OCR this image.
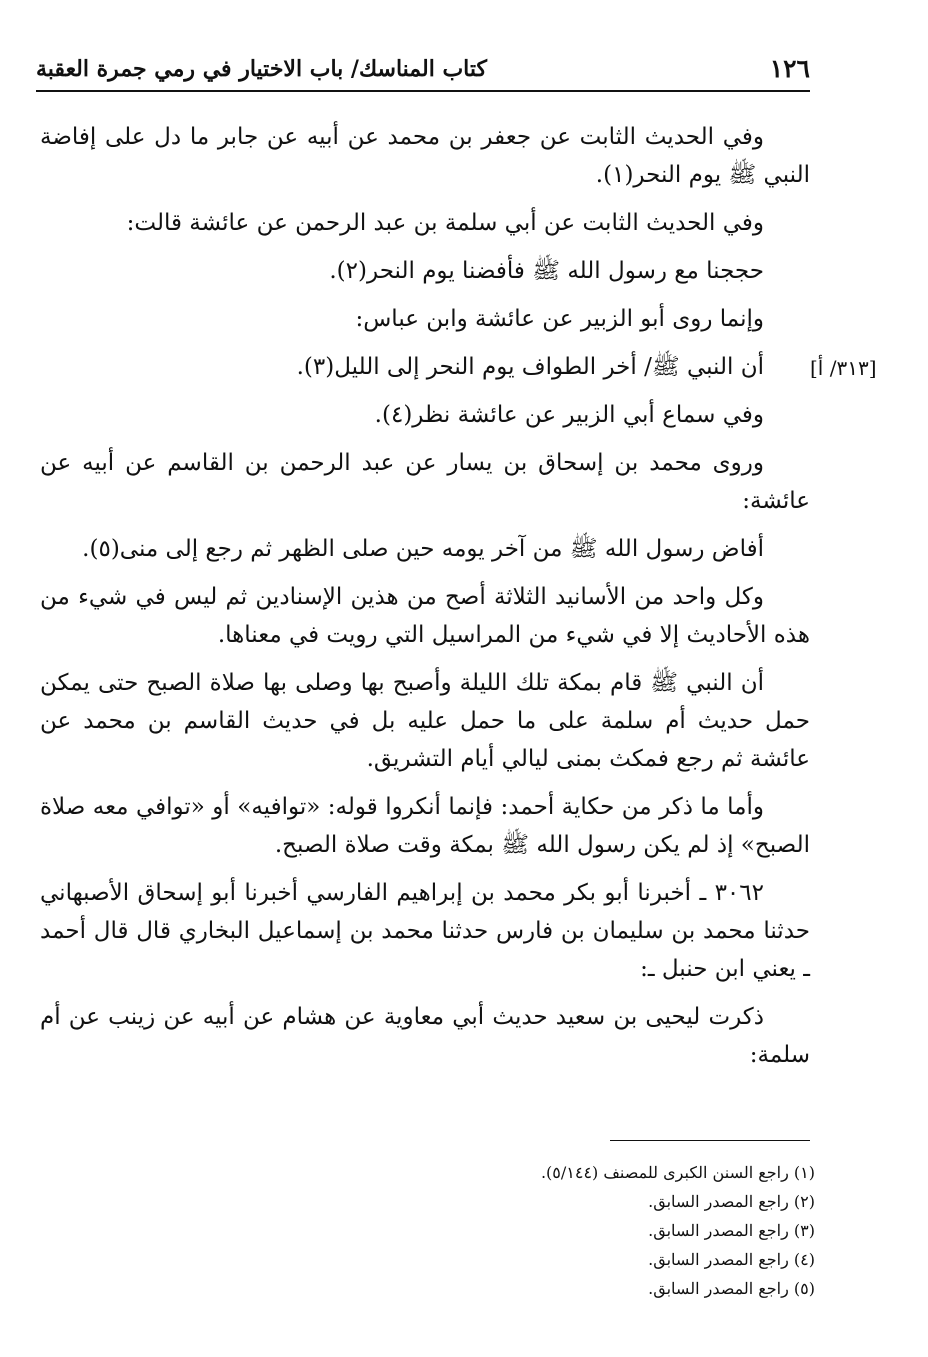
١٢٦
كتاب المناسك/ باب الاختيار في رمي جمرة العقبة
[٣١٣/ أ]

وفي الحديث الثابت عن جعفر بن محمد عن أبيه عن جابر ما دل على إفاضة النبي ﷺ يوم النحر(١).

وفي الحديث الثابت عن أبي سلمة بن عبد الرحمن عن عائشة قالت:

حججنا مع رسول الله ﷺ فأفضنا يوم النحر(٢).

وإنما روى أبو الزبير عن عائشة وابن عباس:

أن النبي ﷺ/ أخر الطواف يوم النحر إلى الليل(٣).

وفي سماع أبي الزبير عن عائشة نظر(٤).

وروى محمد بن إسحاق بن يسار عن عبد الرحمن بن القاسم عن أبيه عن عائشة:

أفاض رسول الله ﷺ من آخر يومه حين صلى الظهر ثم رجع إلى منى(٥).

وكل واحد من الأسانيد الثلاثة أصح من هذين الإسنادين ثم ليس في شيء من هذه الأحاديث إلا في شيء من المراسيل التي رويت في معناها.

أن النبي ﷺ قام بمكة تلك الليلة وأصبح بها وصلى بها صلاة الصبح حتى يمكن حمل حديث أم سلمة على ما حمل عليه بل في حديث القاسم بن محمد عن عائشة ثم رجع فمكث بمنى ليالي أيام التشريق.

وأما ما ذكر من حكاية أحمد: فإنما أنكروا قوله: «توافيه» أو «توافي معه صلاة الصبح» إذ لم يكن رسول الله ﷺ بمكة وقت صلاة الصبح.

٣٠٦٢ ـ أخبرنا أبو بكر محمد بن إبراهيم الفارسي أخبرنا أبو إسحاق الأصبهاني حدثنا محمد بن سليمان بن فارس حدثنا محمد بن إسماعيل البخاري قال قال أحمد ـ يعني ابن حنبل ـ:

ذكرت ليحيى بن سعيد حديث أبي معاوية عن هشام عن أبيه عن زينب عن أم سلمة:

(١) راجع السنن الكبرى للمصنف (٥/١٤٤).

(٢) راجع المصدر السابق.

(٣) راجع المصدر السابق.

(٤) راجع المصدر السابق.

(٥) راجع المصدر السابق.
